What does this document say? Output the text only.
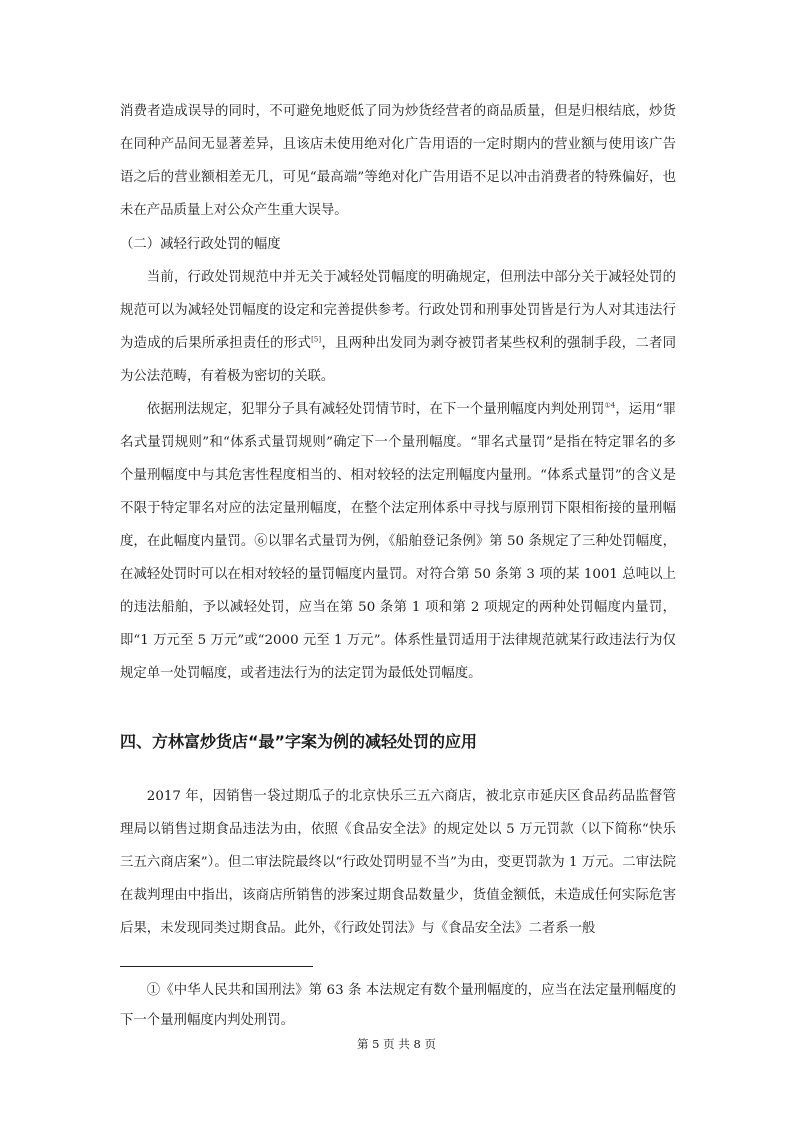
消费者造成误导的同时，不可避免地贬低了同为炒货经营者的商品质量，但是归根结底，炒货在同种产品间无显著差异，且该店未使用绝对化广告用语的一定时期内的营业额与使用该广告语之后的营业额相差无几，可见“最高端”等绝对化广告用语不足以冲击消费者的特殊偏好，也未在产品质量上对公众产生重大误导。

（二）减轻行政处罚的幅度

当前，行政处罚规范中并无关于减轻处罚幅度的明确规定，但刑法中部分关于减轻处罚的规范可以为减轻处罚幅度的设定和完善提供参考。行政处罚和刑事处罚皆是行为人对其违法行为造成的后果所承担责任的形式[5]，且两种出发同为剥夺被罚者某些权利的强制手段，二者同为公法范畴，有着极为密切的关联。

依据刑法规定，犯罪分子具有减轻处罚情节时，在下一个量刑幅度内判处刑罚$^{①4}$，运用“罪名式量罚规则”和“体系式量罚规则”确定下一个量刑幅度。“罪名式量罚”是指在特定罪名的多个量刑幅度中与其危害性程度相当的、相对较轻的法定刑幅度内量刑。“体系式量罚”的含义是不限于特定罪名对应的法定量刑幅度，在整个法定刑体系中寻找与原刑罚下限相衔接的量刑幅度，在此幅度内量罚。⑥以罪名式量罚为例，《船舶登记条例》第 50 条规定了三种处罚幅度，在减轻处罚时可以在相对较轻的量罚幅度内量罚。对符合第 50 条第 3 项的某 1001 总吨以上的违法船舶，予以减轻处罚，应当在第 50 条第 1 项和第 2 项规定的两种处罚幅度内量罚，即“1 万元至 5 万元”或“2000 元至 1 万元”。体系性量罚适用于法律规范就某行政违法行为仅规定单一处罚幅度，或者违法行为的法定罚为最低处罚幅度。

四、方林富炒货店“最”字案为例的减轻处罚的应用

2017 年，因销售一袋过期瓜子的北京快乐三五六商店，被北京市延庆区食品药品监督管理局以销售过期食品违法为由，依照《食品安全法》的规定处以 5 万元罚款（以下简称“快乐三五六商店案”）。但二审法院最终以“行政处罚明显不当”为由，变更罚款为 1 万元。二审法院在裁判理由中指出，该商店所销售的涉案过期食品数量少，货值金额低，未造成任何实际危害后果，未发现同类过期食品。此外，《行政处罚法》与《食品安全法》二者系一般

①《中华人民共和国刑法》第 63 条 本法规定有数个量刑幅度的，应当在法定量刑幅度的下一个量刑幅度内判处刑罚。
第 5 页 共 8 页
